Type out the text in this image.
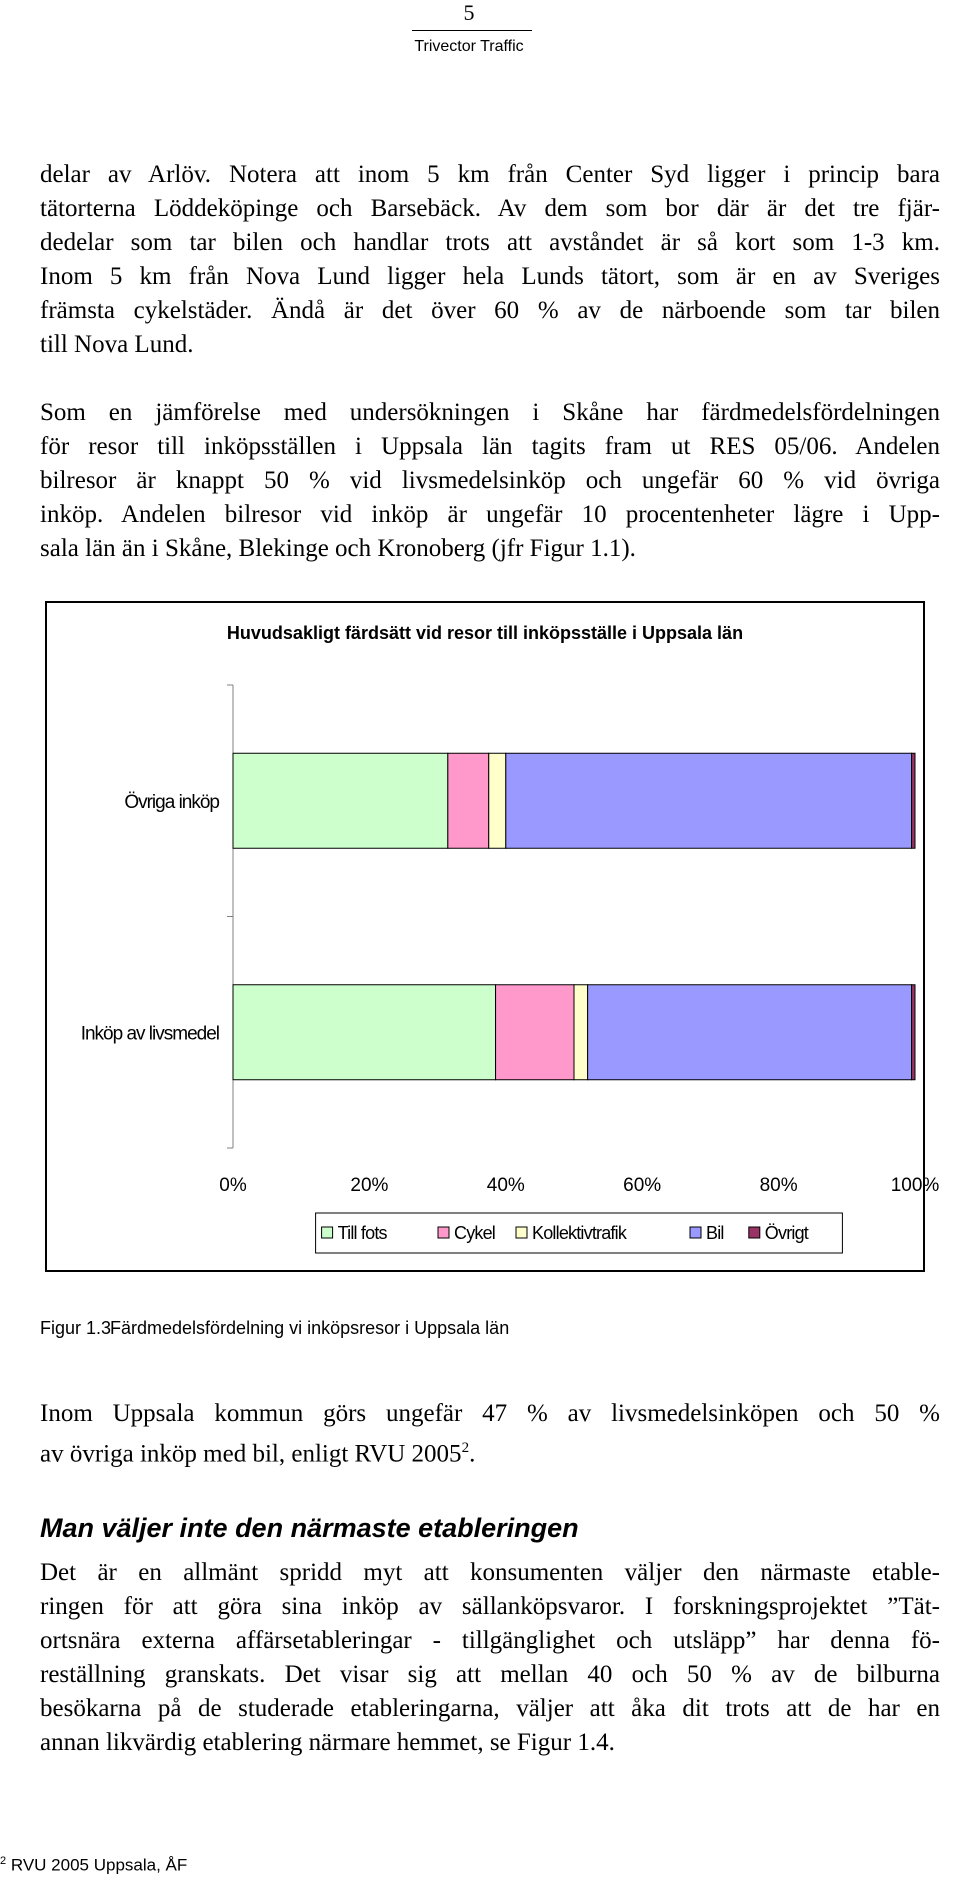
5
Trivector Traffic

delar av Arlöv. Notera att inom 5 km från Center Syd ligger i princip bara
tätorterna Löddeköpinge och Barsebäck. Av dem som bor där är det tre fjär-
dedelar som tar bilen och handlar trots att avståndet är så kort som 1-3 km.
Inom 5 km från Nova Lund ligger hela Lunds tätort, som är en av Sveriges
främsta cykelstäder. Ändå är det över 60 % av de närboende som tar bilen
till Nova Lund.

Som en jämförelse med undersökningen i Skåne har färdmedelsfördelningen
för resor till inköpsställen i Uppsala län tagits fram ut RES 05/06. Andelen
bilresor är knappt 50 % vid livsmedelsinköp och ungefär 60 % vid övriga
inköp. Andelen bilresor vid inköp är ungefär 10 procentenheter lägre i Upp-
sala län än i Skåne, Blekinge och Kronoberg (jfr Figur 1.1).

Huvudsakligt färdsätt vid resor till inköpsställe i Uppsala län
Övriga inköp
Inköp av livsmedel
0%	20%	40%	60%	80%	100%
Till fots	Cykel Kollektivtrafik	Bil Övrigt
Figur 1.3
Färdmedelsfördelning vi inköpsresor i Uppsala län

Inom Uppsala kommun görs ungefär 47 % av livsmedelsinköpen och 50 %
av övriga inköp med bil, enligt RVU 2005$^2$.

Man väljer inte den närmaste etableringen

Det är en allmänt spridd myt att konsumenten väljer den närmaste etable-
ringen för att göra sina inköp av sällanköpsvaror. I forskningsprojektet ”Tät-
ortsnära externa affärsetableringar - tillgänglighet och utsläpp” har denna fö-
reställning granskats. Det visar sig att mellan 40 och 50 % av de bilburna
besökarna på de studerade etableringarna, väljer att åka dit trots att de har en
annan likvärdig etablering närmare hemmet, se Figur 1.4.

$^2$ RVU 2005 Uppsala, ÅF
